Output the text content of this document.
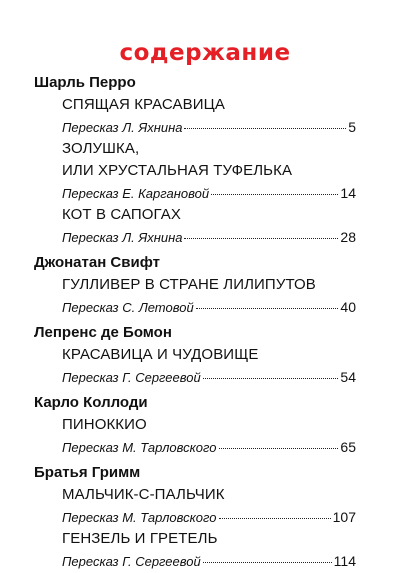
содержание
Шарль Перро
СПЯЩАЯ КРАСАВИЦА
Пересказ Л. Яхнина	5
ЗОЛУШКА,
ИЛИ ХРУСТАЛЬНАЯ ТУФЕЛЬКА
Пересказ Е. Каргановой	14
КОТ В САПОГАХ
Пересказ Л. Яхнина	28
Джонатан Свифт
ГУЛЛИВЕР В СТРАНЕ ЛИЛИПУТОВ
Пересказ С. Летовой	40
Лепренс де Бомон
КРАСАВИЦА И ЧУДОВИЩЕ
Пересказ Г. Сергеевой	54
Карло Коллоди
ПИНОККИО
Пересказ М. Тарловского	65
Братья Гримм
МАЛЬЧИК-С-ПАЛЬЧИК
Пересказ М. Тарловского	107
ГЕНЗЕЛЬ И ГРЕТЕЛЬ
Пересказ Г. Сергеевой	114
